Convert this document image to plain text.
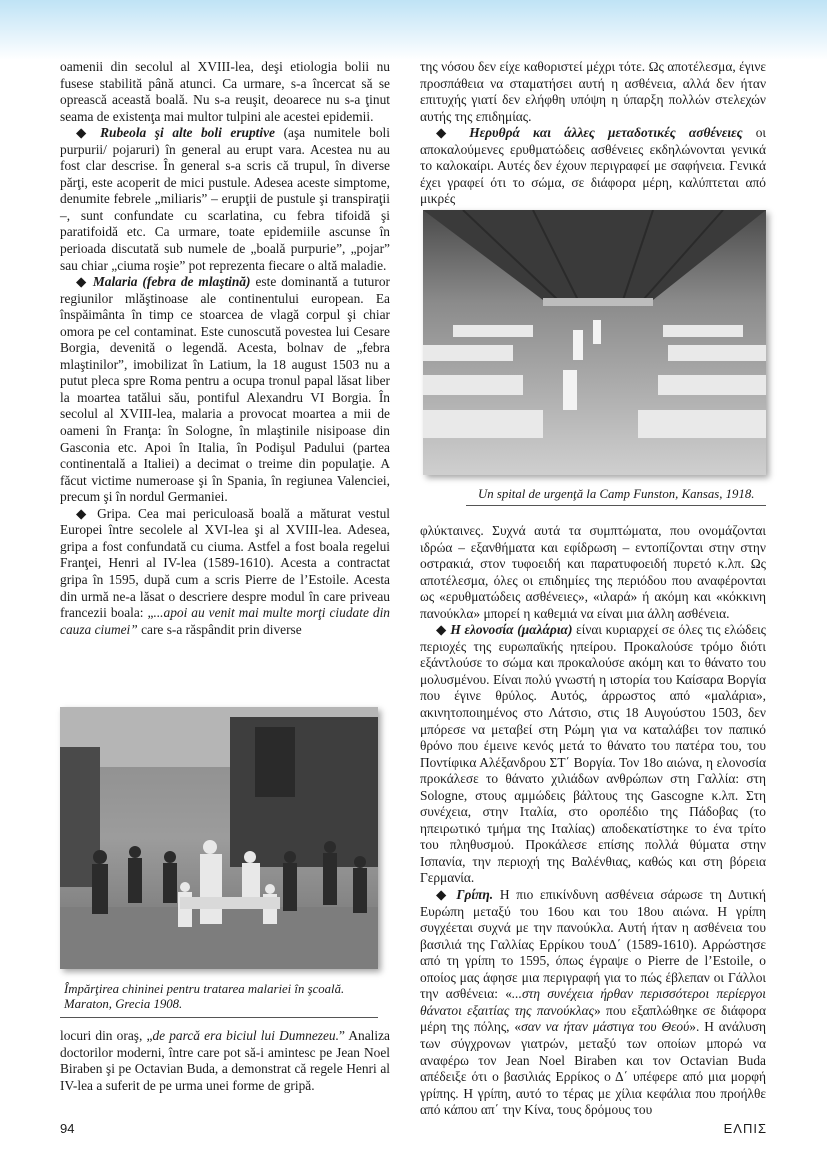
oamenii din secolul al XVIII-lea, deşi etiologia bolii nu fusese stabilită până atunci. Ca urmare, s-a încercat să se oprească această boală. Nu s-a reuşit, deoarece nu s-a ţinut seama de existenţa mai multor tulpini ale acestei epidemii.

◆ Rubeola şi alte boli eruptive (aşa numitele boli purpurii/ pojaruri) în general au erupt vara. Acestea nu au fost clar descrise. În general s-a scris că trupul, în diverse părţi, este acoperit de mici pustule. Adesea aceste simptome, denumite febrele „miliaris” – erupţii de pustule şi transpiraţii –, sunt confundate cu scarlatina, cu febra tifoidă şi paratifoidă etc. Ca urmare, toate epidemiile ascunse în perioada discutată sub numele de „boală purpurie”, „pojar” sau chiar „ciuma roşie” pot reprezenta fiecare o altă maladie.

◆ Malaria (febra de mlaştină) este dominantă a tuturor regiunilor mlăştinoase ale continentului european. Ea înspăimânta în timp ce stoarcea de vlagă corpul şi chiar omora pe cel contaminat. Este cunoscută povestea lui Cesare Borgia, devenită o legendă. Acesta, bolnav de „febra mlaştinilor”, imobilizat în Latium, la 18 august 1503 nu a putut pleca spre Roma pentru a ocupa tronul papal lăsat liber la moartea tatălui său, pontiful Alexandru VI Borgia. În secolul al XVIII-lea, malaria a provocat moartea a mii de oameni în Franţa: în Sologne, în mlaştinile nisipoase din Gasconia etc. Apoi în Italia, în Podişul Padului (partea continentală a Italiei) a decimat o treime din populaţie. A făcut victime numeroase şi în Spania, în regiunea Valenciei, precum şi în nordul Germaniei.

◆ Gripa. Cea mai periculoasă boală a măturat vestul Europei între secolele al XVI-lea şi al XVIII-lea. Adesea, gripa a fost confundată cu ciuma. Astfel a fost boala regelui Franţei, Henri al IV-lea (1589-1610). Acesta a contractat gripa în 1595, după cum a scris Pierre de l’Estoile. Acesta din urmă ne-a lăsat o descriere despre modul în care priveau francezii boala: „...apoi au venit mai multe morţi ciudate din cauza ciumei” care s-a răspândit prin diverse

Împărţirea chininei pentru tratarea malariei în şcoală. Maraton, Grecia 1908.

locuri din oraş, „de parcă era biciul lui Dumnezeu.” Analiza doctorilor moderni, între care pot să-i amintesc pe Jean Noel Biraben şi pe Octavian Buda, a demonstrat că regele Henri al IV-lea a suferit de pe urma unei forme de gripă.

της νόσου δεν είχε καθοριστεί μέχρι τότε. Ως αποτέλεσμα, έγινε προσπάθεια να σταματήσει αυτή η ασθένεια, αλλά δεν ήταν επιτυχής γιατί δεν ελήφθη υπόψη η ύπαρξη πολλών στελεχών αυτής της επιδημίας.

◆ Ηερυθρά και άλλες μεταδοτικές ασθένειες οι αποκαλούμενες ερυθματώδεις ασθένειες εκδηλώνονται γενικά το καλοκαίρι. Αυτές δεν έχουν περιγραφεί με σαφήνεια. Γενικά έχει γραφεί ότι το σώμα, σε διάφορα μέρη, καλύπτεται από μικρές

Un spital de urgenţă la Camp Funston, Kansas, 1918.

φλύκταινες. Συχνά αυτά τα συμπτώματα, που ονομάζονται ιδρώα – εξανθήματα και εφίδρωση – εντοπίζονται στην στην οστρακιά, στον τυφοειδή και παρατυφοειδή πυρετό κ.λπ. Ως αποτέλεσμα, όλες οι επιδημίες της περιόδου που αναφέρονται ως «ερυθματώδεις ασθένειες», «ιλαρά» ή ακόμη και «κόκκινη πανούκλα» μπορεί η καθεμιά να είναι μια άλλη ασθένεια.

◆ Η ελονοσία (μαλάρια) είναι κυριαρχεί σε όλες τις ελώδεις περιοχές της ευρωπαϊκής ηπείρου. Προκαλούσε τρόμο διότι εξάντλούσε το σώμα και προκαλούσε ακόμη και το θάνατο του μολυσμένου. Είναι πολύ γνωστή η ιστορία του Καίσαρα Βοργία που έγινε θρύλος. Αυτός, άρρωστος από «μαλάρια», ακινητοποιημένος στο Λάτσιο, στις 18 Αυγούστου 1503, δεν μπόρεσε να μεταβεί στη Ρώμη για να καταλάβει τον παπικό θρόνο που έμεινε κενός μετά το θάνατο του πατέρα του, του Ποντίφικα Αλέξανδρου ΣΤ΄ Βοργία. Τον 18ο αιώνα, η ελονοσία προκάλεσε το θάνατο χιλιάδων ανθρώπων στη Γαλλία: στη Sologne, στους αμμώδεις βάλτους της Gascogne κ.λπ. Στη συνέχεια, στην Ιταλία, στο οροπέδιο της Πάδοβας (το ηπειρωτικό τμήμα της Ιταλίας) αποδεκατίστηκε το ένα τρίτο του πληθυσμού. Προκάλεσε επίσης πολλά θύματα στην Ισπανία, την περιοχή της Βαλένθιας, καθώς και στη βόρεια Γερμανία.

◆ Γρίπη. Η πιο επικίνδυνη ασθένεια σάρωσε τη Δυτική Ευρώπη μεταξύ του 16ου και του 18ου αιώνα. Η γρίπη συγχέεται συχνά με την πανούκλα. Αυτή ήταν η ασθένεια του βασιλιά της Γαλλίας Ερρίκου τουΔ΄ (1589-1610). Αρρώστησε από τη γρίπη το 1595, όπως έγραψε ο Pierre de l’Estoile, ο οποίος μας άφησε μια περιγραφή για το πώς έβλεπαν οι Γάλλοι την ασθένεια: «...στη συνέχεια ήρθαν περισσότεροι περίεργοι θάνατοι εξαιτίας της πανούκλας» που εξαπλώθηκε σε διάφορα μέρη της πόλης, «σαν να ήταν μάστιγα του Θεού». Η ανάλυση των σύγχρονων γιατρών, μεταξύ των οποίων μπορώ να αναφέρω τον Jean Noel Biraben και τον Octavian Buda απέδειξε ότι ο βασιλιάς Ερρίκος ο Δ΄ υπέφερε από μια μορφή γρίπης. Η γρίπη, αυτό το τέρας με χίλια κεφάλια που προήλθε από κάπου απ΄ την Κίνα, τους δρόμους του

94	ΕΛΠΙΣ
